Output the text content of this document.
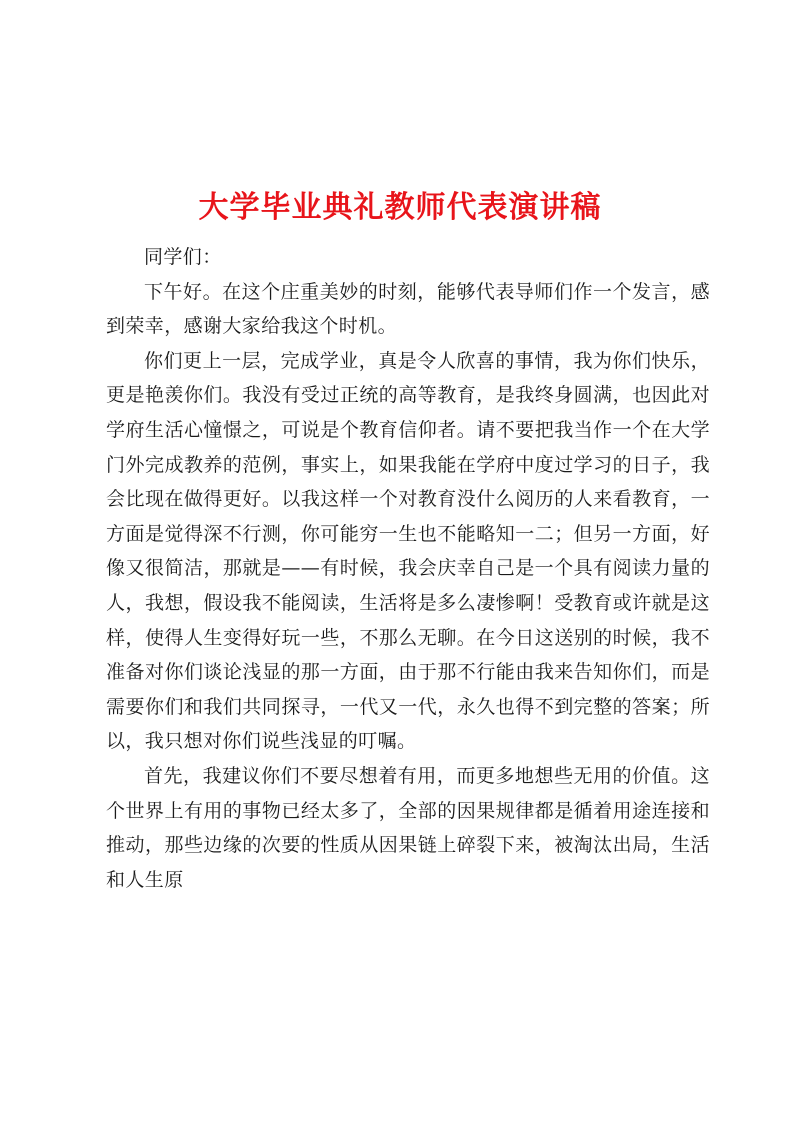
大学毕业典礼教师代表演讲稿

同学们：

下午好。在这个庄重美妙的时刻，能够代表导师们作一个发言，感到荣幸，感谢大家给我这个时机。

你们更上一层，完成学业，真是令人欣喜的事情，我为你们快乐，更是艳羡你们。我没有受过正统的高等教育，是我终身圆满，也因此对学府生活心憧憬之，可说是个教育信仰者。请不要把我当作一个在大学门外完成教养的范例，事实上，如果我能在学府中度过学习的日子，我会比现在做得更好。以我这样一个对教育没什么阅历的人来看教育，一方面是觉得深不行测，你可能穷一生也不能略知一二；但另一方面，好像又很简洁，那就是——有时候，我会庆幸自己是一个具有阅读力量的人，我想，假设我不能阅读，生活将是多么凄惨啊！受教育或许就是这样，使得人生变得好玩一些，不那么无聊。在今日这送别的时候，我不准备对你们谈论浅显的那一方面，由于那不行能由我来告知你们，而是需要你们和我们共同探寻，一代又一代，永久也得不到完整的答案；所以，我只想对你们说些浅显的叮嘱。

首先，我建议你们不要尽想着有用，而更多地想些无用的价值。这个世界上有用的事物已经太多了，全部的因果规律都是循着用途连接和推动，那些边缘的次要的性质从因果链上碎裂下来，被淘汰出局，生活和人生原
